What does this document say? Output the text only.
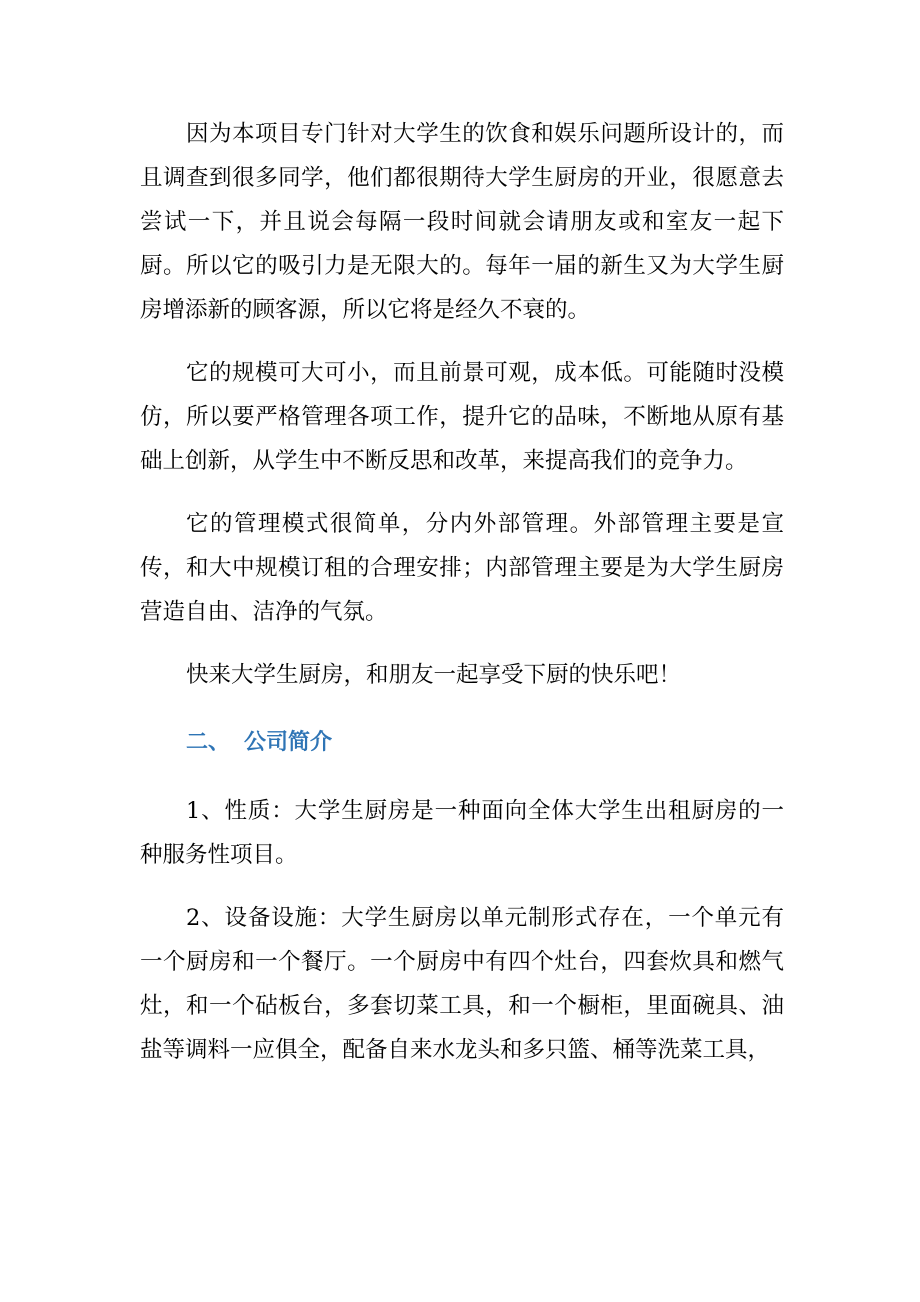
因为本项目专门针对大学生的饮食和娱乐问题所设计的，而且调查到很多同学，他们都很期待大学生厨房的开业，很愿意去尝试一下，并且说会每隔一段时间就会请朋友或和室友一起下厨。所以它的吸引力是无限大的。每年一届的新生又为大学生厨房增添新的顾客源，所以它将是经久不衰的。

它的规模可大可小，而且前景可观，成本低。可能随时没模仿，所以要严格管理各项工作，提升它的品味，不断地从原有基础上创新，从学生中不断反思和改革，来提高我们的竞争力。

它的管理模式很简单，分内外部管理。外部管理主要是宣传，和大中规模订租的合理安排；内部管理主要是为大学生厨房营造自由、洁净的气氛。

快来大学生厨房，和朋友一起享受下厨的快乐吧！

二、 公司简介

1、性质：大学生厨房是一种面向全体大学生出租厨房的一种服务性项目。

2、设备设施：大学生厨房以单元制形式存在，一个单元有一个厨房和一个餐厅。一个厨房中有四个灶台，四套炊具和燃气灶，和一个砧板台，多套切菜工具，和一个橱柜，里面碗具、油盐等调料一应俱全，配备自来水龙头和多只篮、桶等洗菜工具，
